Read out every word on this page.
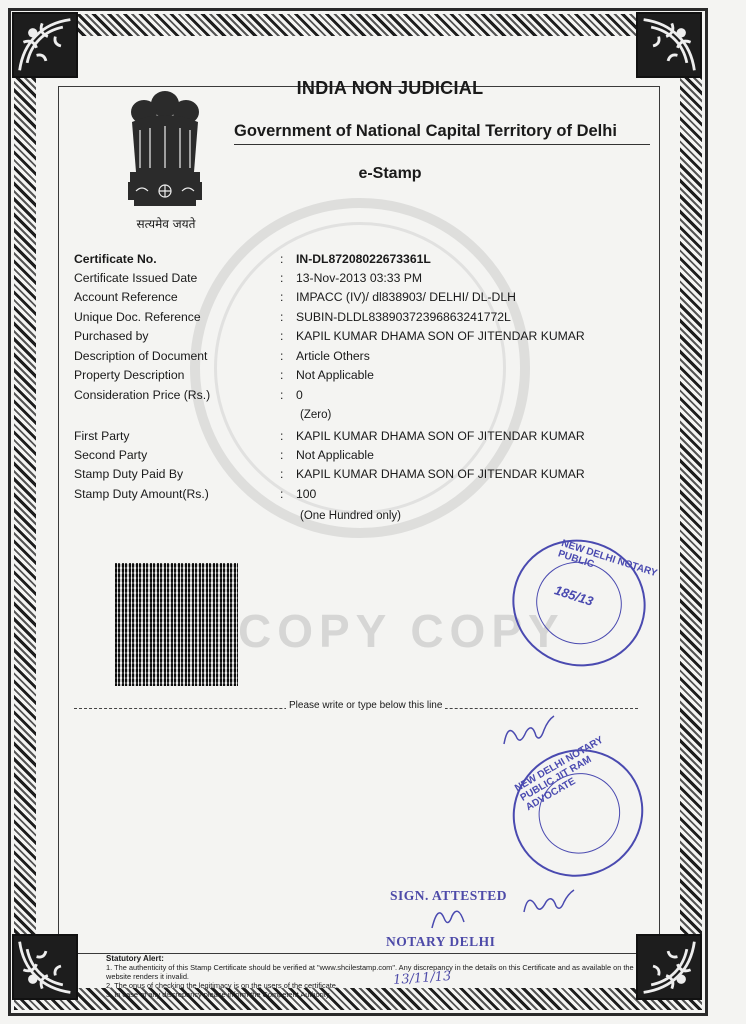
COPY COPY
सत्यमेव जयते
INDIA NON JUDICIAL
Government of National Capital Territory of Delhi
e-Stamp
Certificate No.	: IN-DL87208022673361L
Certificate Issued Date	: 13-Nov-2013 03:33 PM
Account Reference	: IMPACC (IV)/ dl838903/ DELHI/ DL-DLH
Unique Doc. Reference	: SUBIN-DLDL83890372396863241772L
Purchased by	: KAPIL KUMAR DHAMA SON OF JITENDAR KUMAR
Description of Document	: Article Others
Property Description	: Not Applicable
Consideration Price (Rs.)	: 0
(Zero)
First Party	: KAPIL KUMAR DHAMA SON OF JITENDAR KUMAR
Second Party	: Not Applicable
Stamp Duty Paid By	: KAPIL KUMAR DHAMA SON OF JITENDAR KUMAR
Stamp Duty Amount(Rs.)	: 100
(One Hundred only)
NEW DELHI NOTARY PUBLIC
185/13
Please write or type below this line
NEW DELHI NOTARY PUBLIC JIT RAM ADVOCATE
SIGN. ATTESTED
NOTARY DELHI
13/11/13
Statutory Alert:
1. The authenticity of this Stamp Certificate should be verified at "www.shcilestamp.com". Any discrepancy in the details on this Certificate and as available on the website renders it invalid.
2. The onus of checking the legitimacy is on the users of the certificate.
3. In case of any discrepancy please inform the Competent Authority.
